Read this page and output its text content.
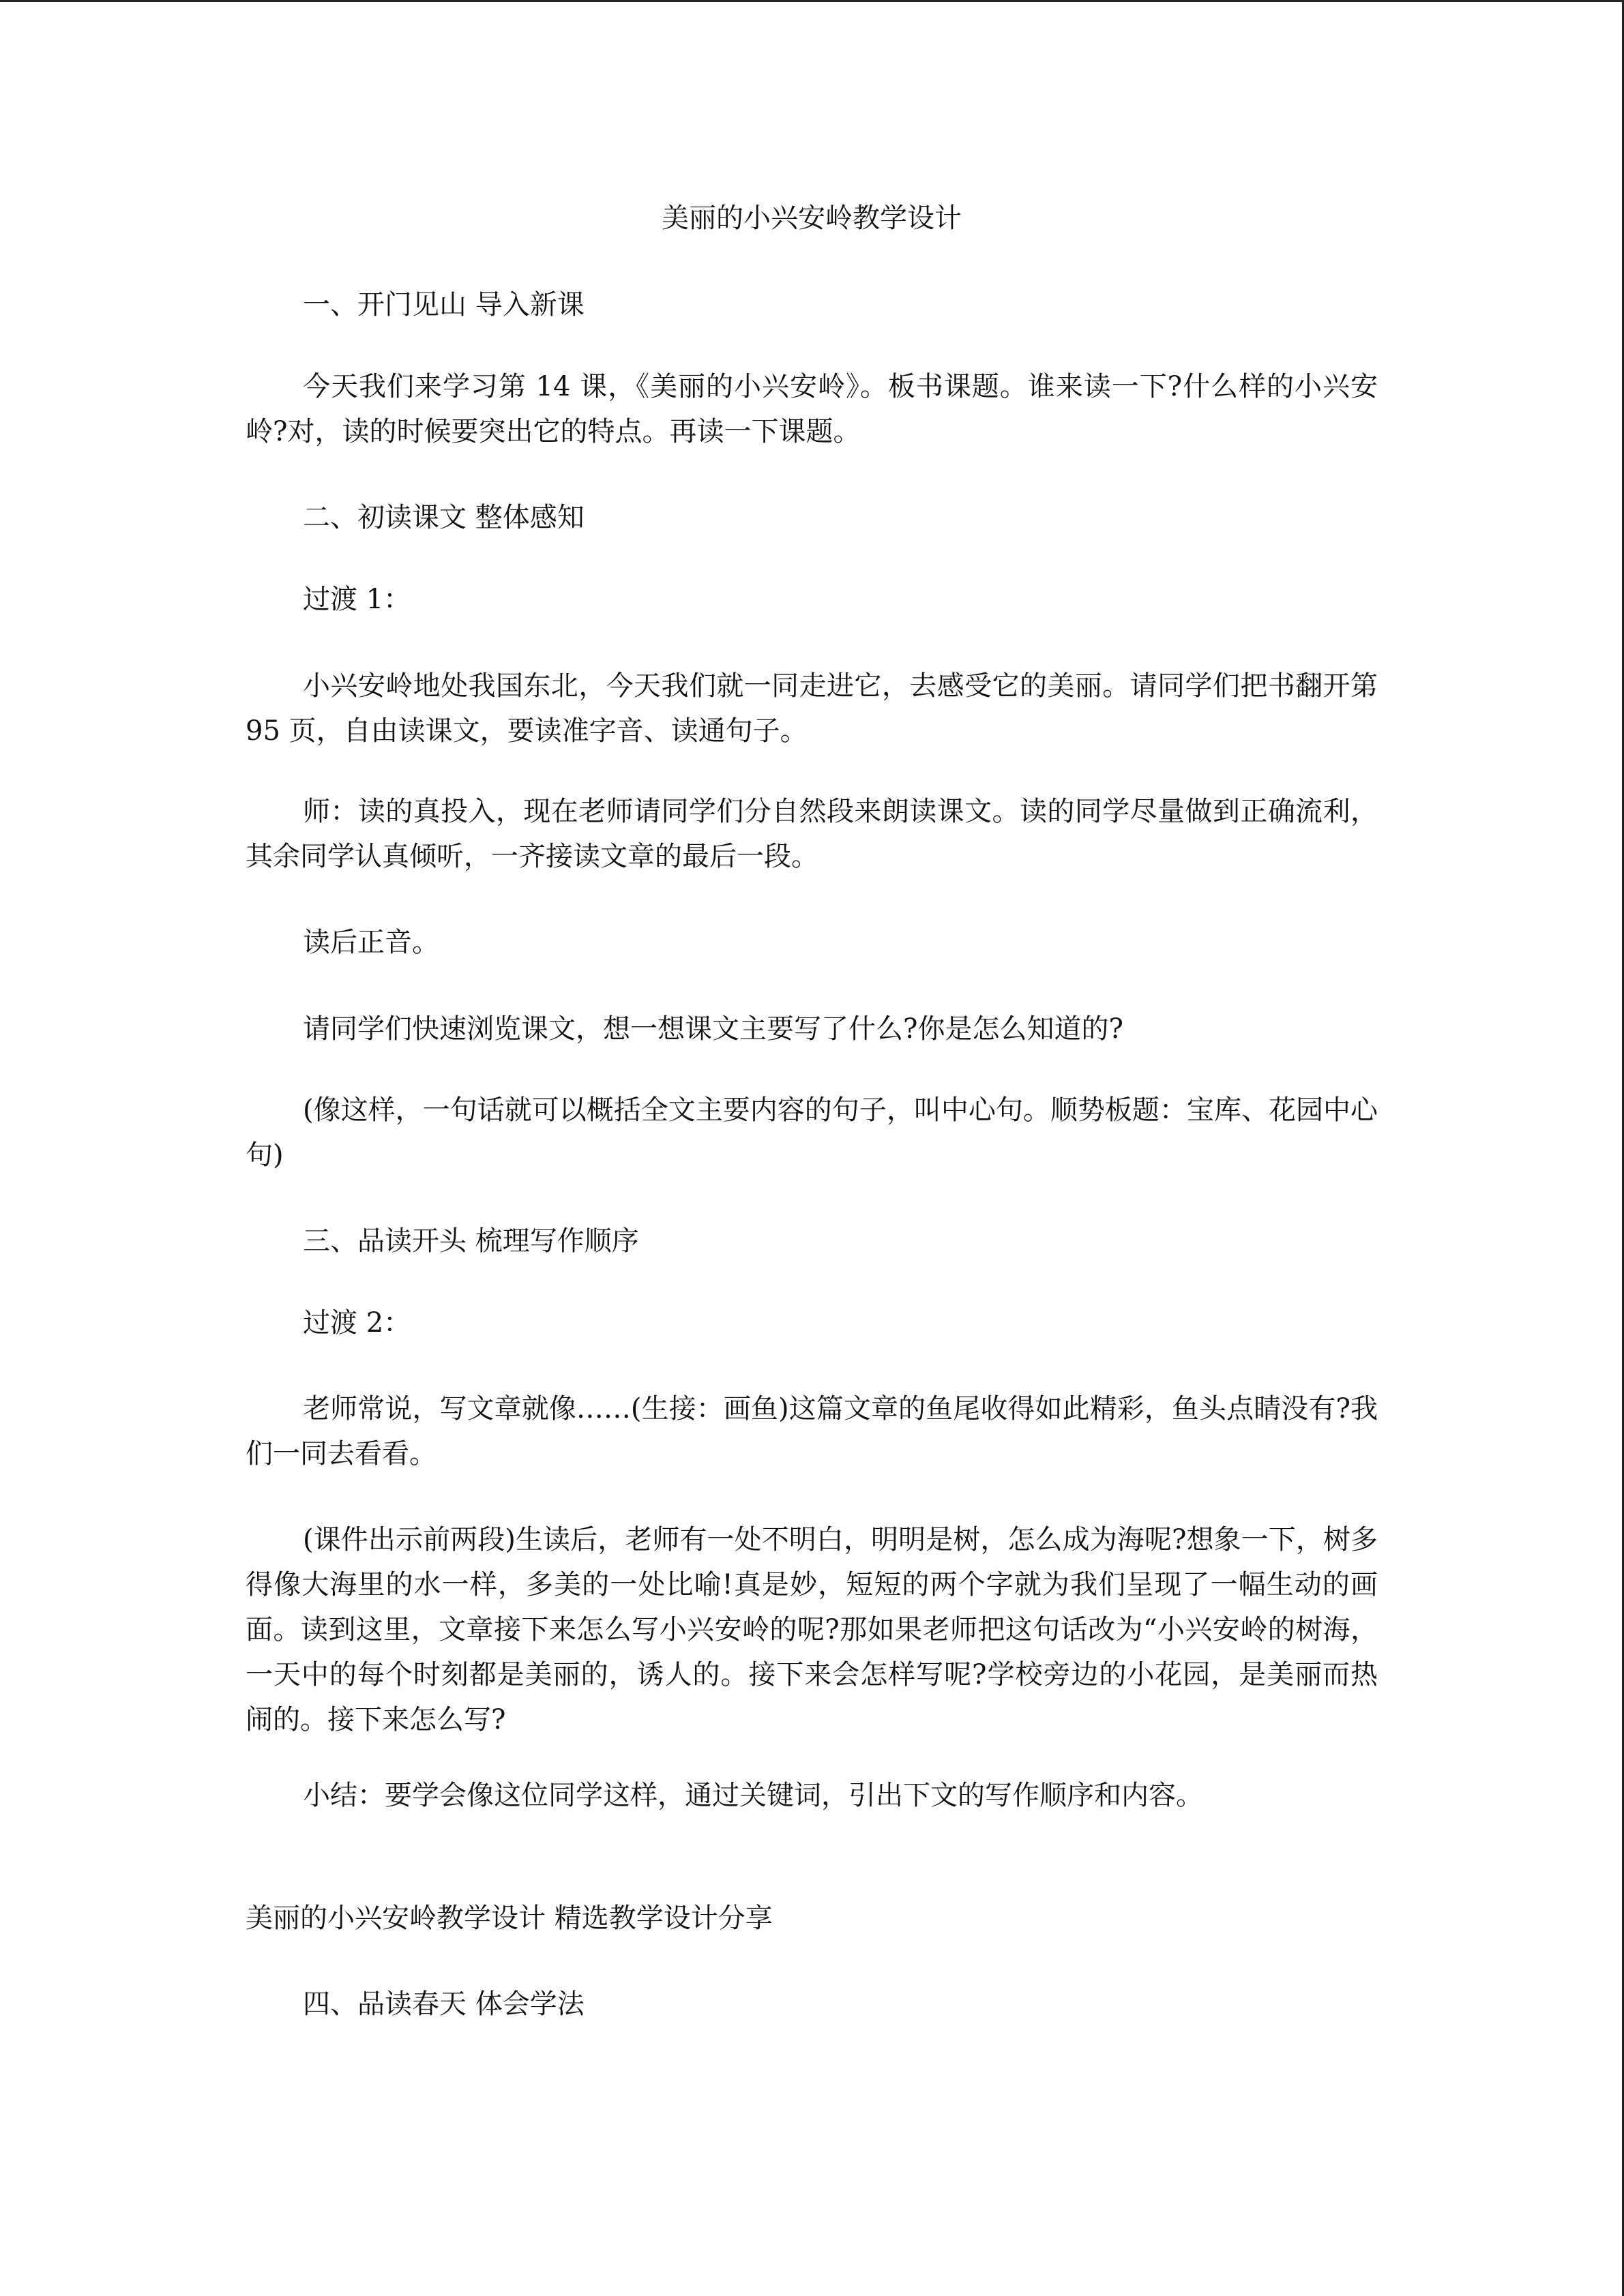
美丽的小兴安岭教学设计

一、开门见山 导入新课

今天我们来学习第 14 课，《美丽的小兴安岭》。板书课题。谁来读一下?什么样的小兴安岭?对，读的时候要突出它的特点。再读一下课题。

二、初读课文 整体感知

过渡 1：

小兴安岭地处我国东北，今天我们就一同走进它，去感受它的美丽。请同学们把书翻开第 95 页，自由读课文，要读准字音、读通句子。

师：读的真投入，现在老师请同学们分自然段来朗读课文。读的同学尽量做到正确流利，其余同学认真倾听，一齐接读文章的最后一段。

读后正音。

请同学们快速浏览课文，想一想课文主要写了什么?你是怎么知道的?

(像这样，一句话就可以概括全文主要内容的句子，叫中心句。顺势板题：宝库、花园中心句)

三、品读开头 梳理写作顺序

过渡 2：

老师常说，写文章就像……(生接：画鱼)这篇文章的鱼尾收得如此精彩，鱼头点睛没有?我们一同去看看。

(课件出示前两段)生读后，老师有一处不明白，明明是树，怎么成为海呢?想象一下，树多得像大海里的水一样，多美的一处比喻!真是妙，短短的两个字就为我们呈现了一幅生动的画面。读到这里，文章接下来怎么写小兴安岭的呢?那如果老师把这句话改为“小兴安岭的树海，一天中的每个时刻都是美丽的，诱人的。接下来会怎样写呢?学校旁边的小花园，是美丽而热闹的。接下来怎么写?

小结：要学会像这位同学这样，通过关键词，引出下文的写作顺序和内容。

美丽的小兴安岭教学设计 精选教学设计分享

四、品读春天 体会学法
